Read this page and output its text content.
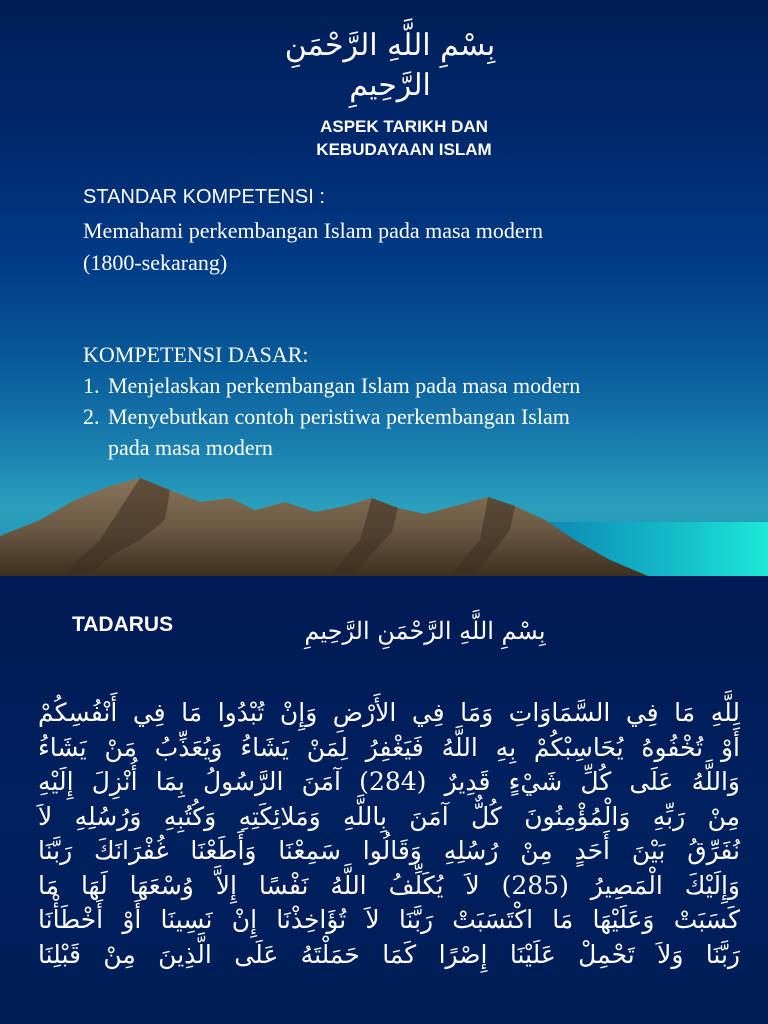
بِسْمِ اللَّهِ الرَّحْمَنِ
الرَّحِيمِ
ASPEK TARIKH DAN
KEBUDAYAAN ISLAM

STANDAR KOMPETENSI :

Memahami perkembangan Islam pada masa modern

(1800-sekarang)

KOMPETENSI DASAR:

1. Menjelaskan perkembangan Islam pada masa modern
2. Menyebutkan contoh peristiwa perkembangan Islam
pada masa modern
TADARUS	بِسْمِ اللَّهِ الرَّحْمَنِ الرَّحِيمِ
لِلَّهِ مَا فِي السَّمَاوَاتِ وَمَا فِي الأَرْضِ وَإِنْ تُبْدُوا مَا فِي أَنْفُسِكُمْ
أَوْ تُخْفُوهُ يُحَاسِبْكُمْ بِهِ اللَّهُ فَيَغْفِرُ لِمَنْ يَشَاءُ وَيُعَذِّبُ مَنْ يَشَاءُ
وَاللَّهُ عَلَى كُلِّ شَيْءٍ قَدِيرٌ (284) آمَنَ الرَّسُولُ بِمَا أُنْزِلَ إِلَيْهِ
مِنْ رَبِّهِ وَالْمُؤْمِنُونَ كُلٌّ آمَنَ بِاللَّهِ وَمَلائِكَتِهِ وَكُتُبِهِ وَرُسُلِهِ لاَ
نُفَرِّقُ بَيْنَ أَحَدٍ مِنْ رُسُلِهِ وَقَالُوا سَمِعْنَا وَأَطَعْنَا غُفْرَانَكَ رَبَّنَا
وَإِلَيْكَ الْمَصِيرُ (285) لاَ يُكَلِّفُ اللَّهُ نَفْسًا إِلاَّ وُسْعَهَا لَهَا مَا
كَسَبَتْ وَعَلَيْهَا مَا اكْتَسَبَتْ رَبَّنَا لاَ تُؤَاخِذْنَا إِنْ نَسِينَا أَوْ أَخْطَأْنَا
رَبَّنَا وَلاَ تَحْمِلْ عَلَيْنَا إِصْرًا كَمَا حَمَلْتَهُ عَلَى الَّذِينَ مِنْ قَبْلِنَا
